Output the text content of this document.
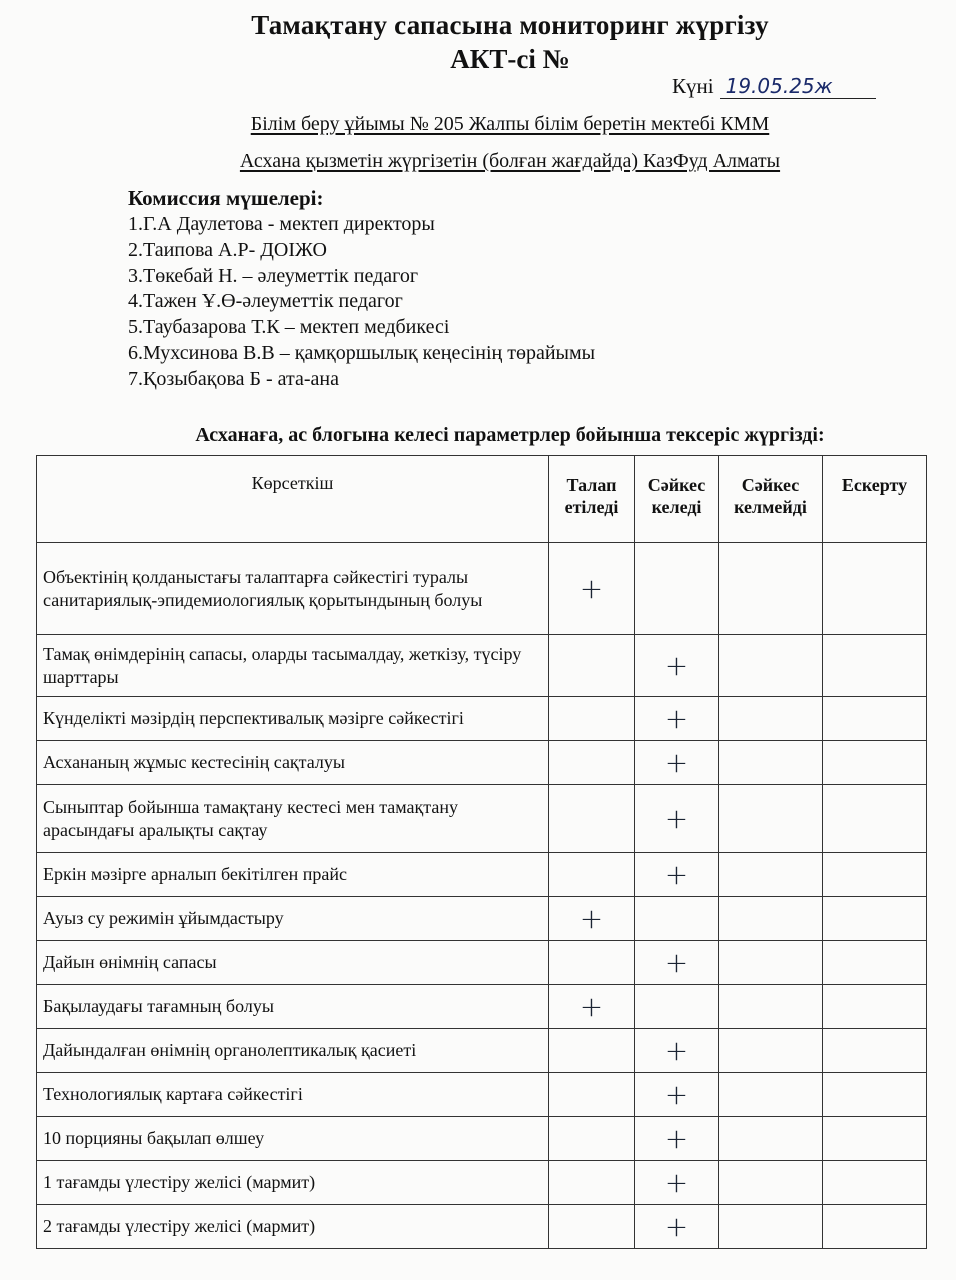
Тамақтану сапасына мониторинг жүргізу
АКТ-сі №
Күні 19.05.25ж
Білім беру ұйымы № 205 Жалпы білім беретін мектебі КММ
Асхана қызметін жүргізетін (болған жағдайда) КазФуд Алматы
Комиссия мүшелері:
1.Г.А Даулетова - мектеп директоры
2.Таипова А.Р- ДОІЖО
3.Төкебай Н. – әлеуметтік педагог
4.Тажен Ұ.Ө-әлеуметтік педагог
5.Таубазарова Т.К – мектеп медбикесі
6.Мухсинова В.В – қамқоршылық кеңесінің төрайымы
7.Қозыбақова Б - ата-ана
Асханаға, ас блогына келесі параметрлер бойынша тексеріс жүргізді:
Көрсеткіш	Талап етіледі	Сәйкес келеді	Сәйкес келмейді	Ескерту
Объектінің қолданыстағы талаптарға сәйкестігі туралы санитариялық-эпидемиологиялық қорытындының болуы	+			
Тамақ өнімдерінің сапасы, оларды тасымалдау, жеткізу, түсіру шарттары		+		
Күнделікті мәзірдің перспективалық мәзірге сәйкестігі		+		
Асхананың жұмыс кестесінің сақталуы		+		
Сыныптар бойынша тамақтану кестесі мен тамақтану арасындағы аралықты сақтау		+		
Еркін мәзірге арналып бекітілген прайс		+		
Ауыз су режимін ұйымдастыру	+			
Дайын өнімнің сапасы		+		
Бақылаудағы тағамның болуы	+			
Дайындалған өнімнің органолептикалық қасиеті		+		
Технологиялық картаға сәйкестігі		+		
10 порцияны бақылап өлшеу		+		
1 тағамды үлестіру желісі (мармит)		+		
2 тағамды үлестіру желісі (мармит)		+		
